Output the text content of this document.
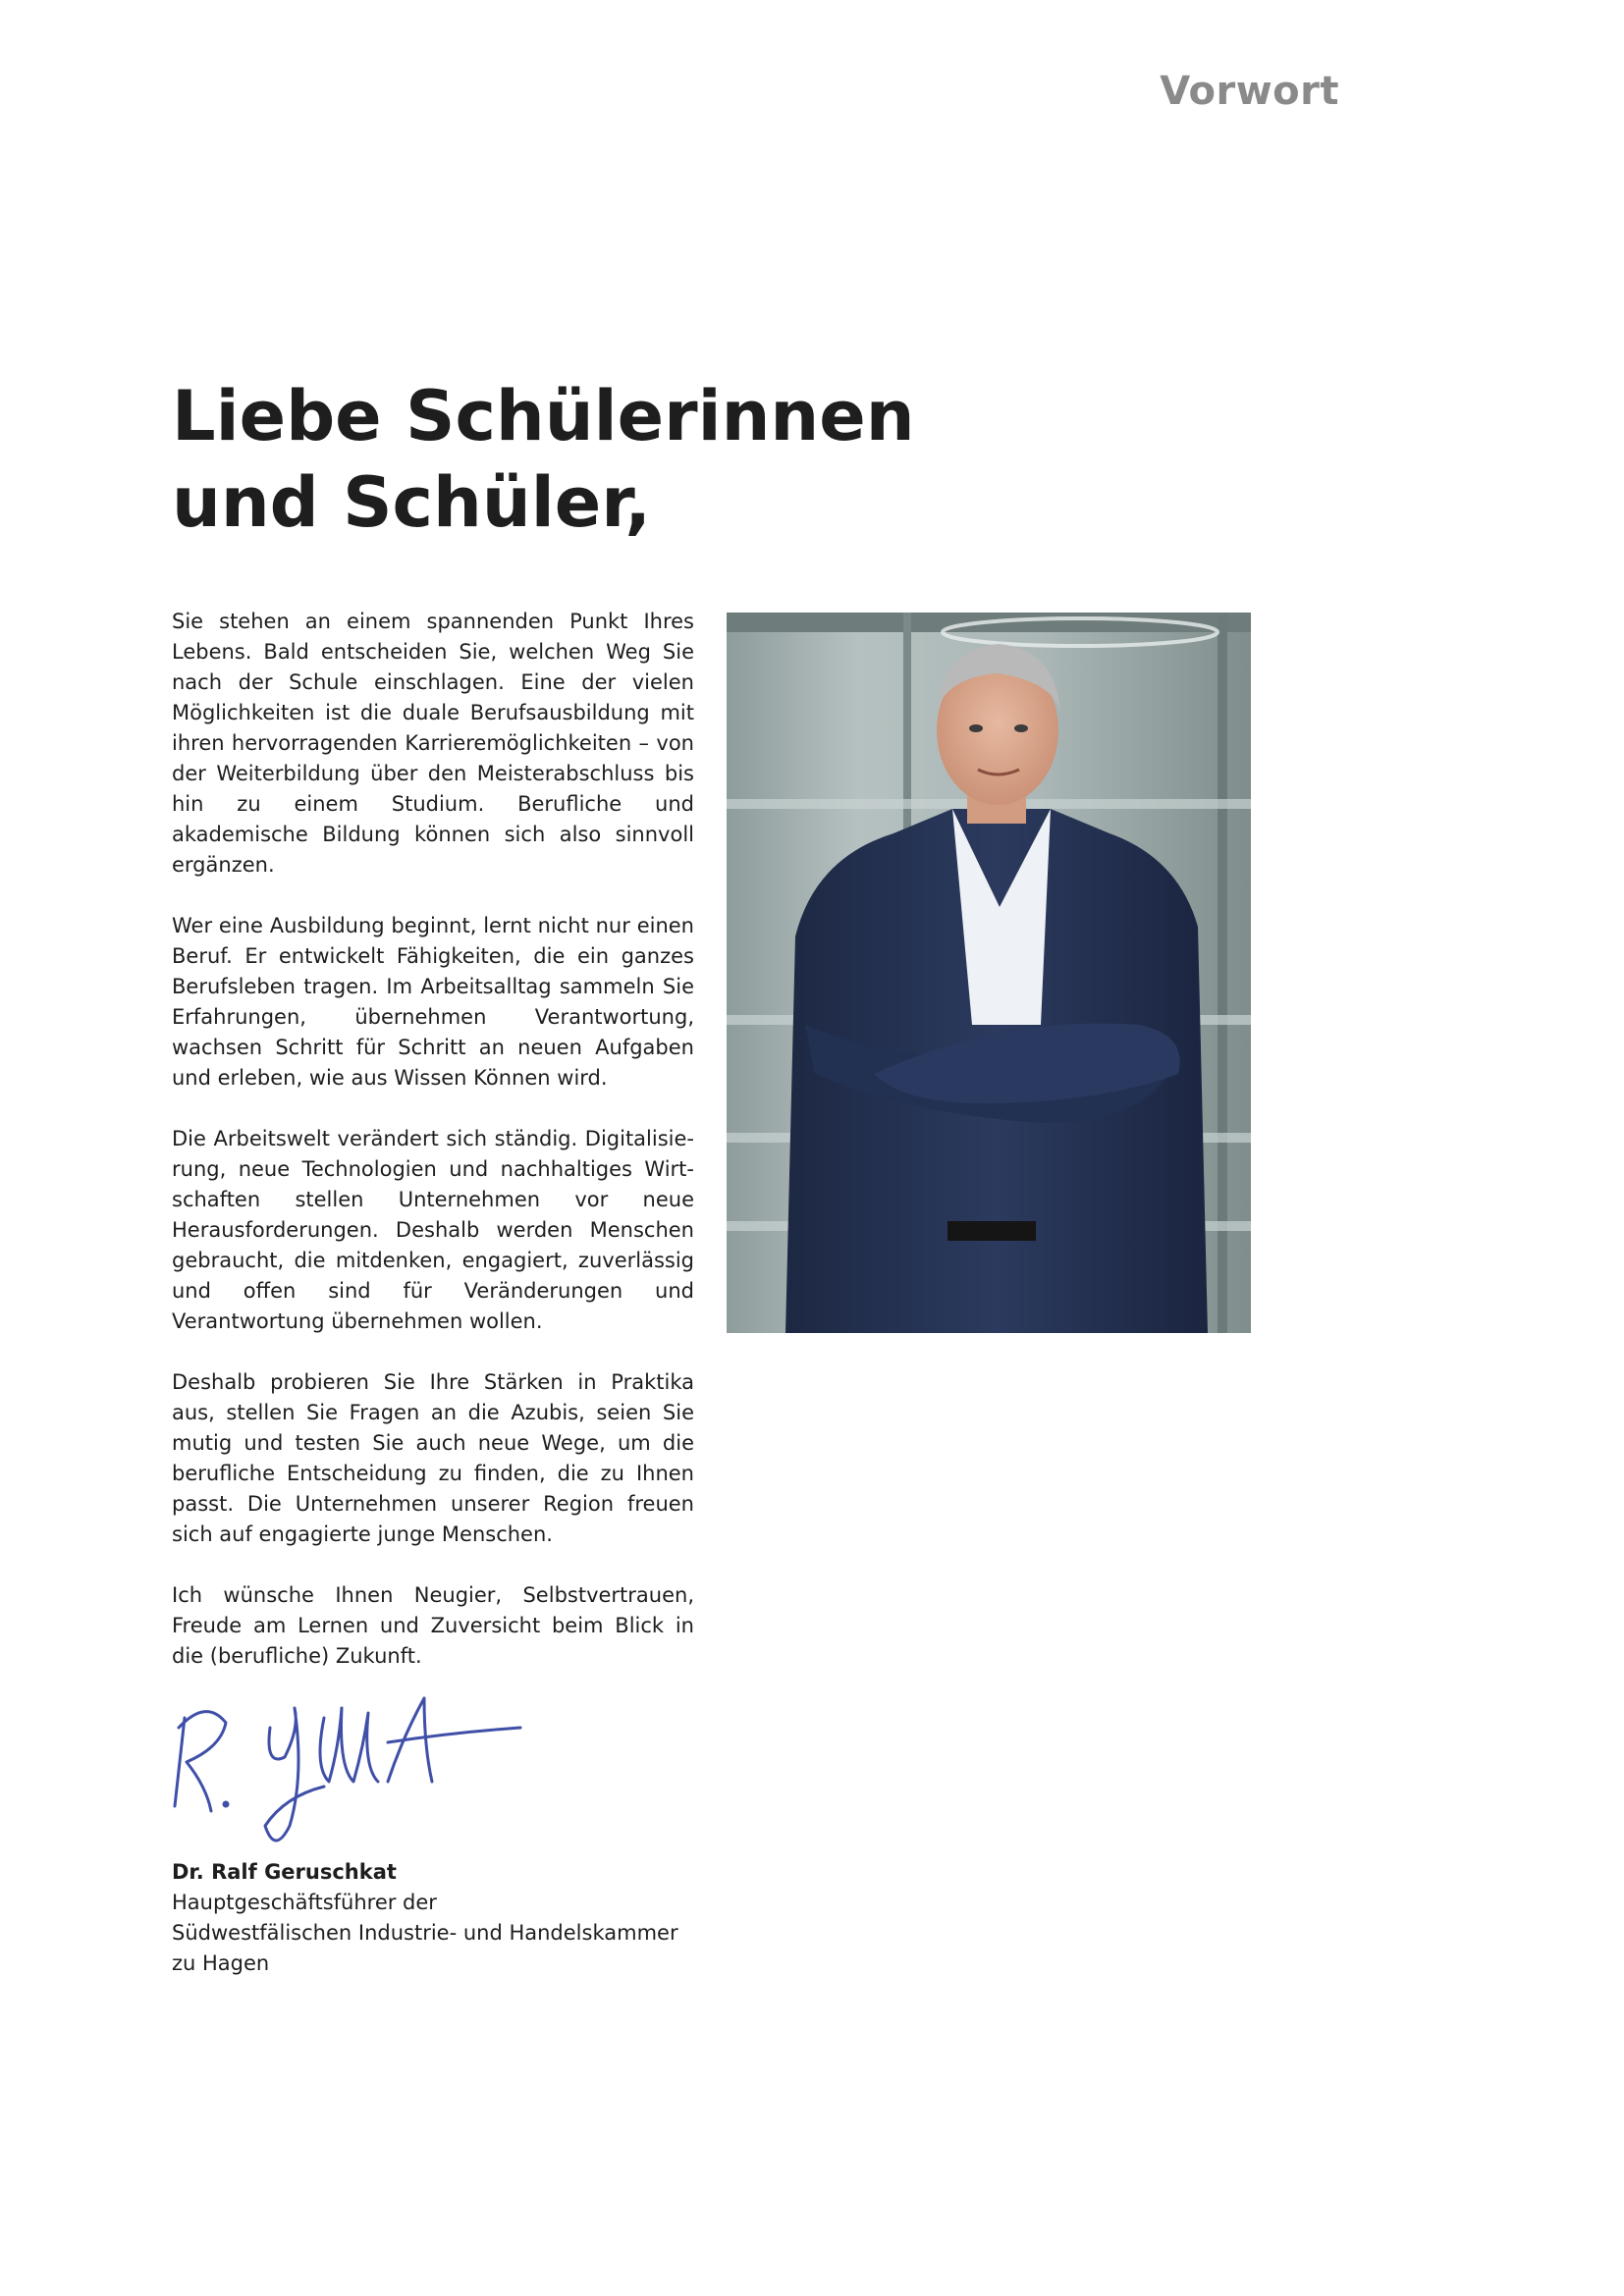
Vorwort
Liebe Schülerinnen
und Schüler,

Sie stehen an einem spannenden Punkt Ihres Lebens. Bald entscheiden Sie, welchen Weg Sie nach der Schule einschlagen. Eine der vielen Möglichkeiten ist die duale Berufsausbildung mit ihren hervorragenden Karrieremöglichkeiten – von der Weiterbildung über den Meisterabschluss bis hin zu einem Studium. Berufliche und akademische Bildung können sich also sinnvoll ergänzen.

Wer eine Ausbildung beginnt, lernt nicht nur einen Beruf. Er entwickelt Fähigkeiten, die ein ganzes Berufsleben tragen. Im Arbeitsalltag sammeln Sie Erfahrungen, übernehmen Verantwortung, wachsen Schritt für Schritt an neuen Aufgaben und erleben, wie aus Wissen Können wird.

Die Arbeitswelt verändert sich ständig. Digitalisierung, neue Technologien und nachhaltiges Wirtschaften stellen Unternehmen vor neue Herausforderungen. Deshalb werden Menschen gebraucht, die mitdenken, engagiert, zuverlässig und offen sind für Veränderungen und Verantwortung übernehmen wollen.

Deshalb probieren Sie Ihre Stärken in Praktika aus, stellen Sie Fragen an die Azubis, seien Sie mutig und testen Sie auch neue Wege, um die berufliche Entscheidung zu finden, die zu Ihnen passt. Die Unternehmen unserer Region freuen sich auf engagierte junge Menschen.

Ich wünsche Ihnen Neugier, Selbstvertrauen, Freude am Lernen und Zuversicht beim Blick in die (berufliche) Zukunft.

Dr. Ralf Geruschkat
Hauptgeschäftsführer der
Südwestfälischen Industrie- und Handelskammer
zu Hagen
